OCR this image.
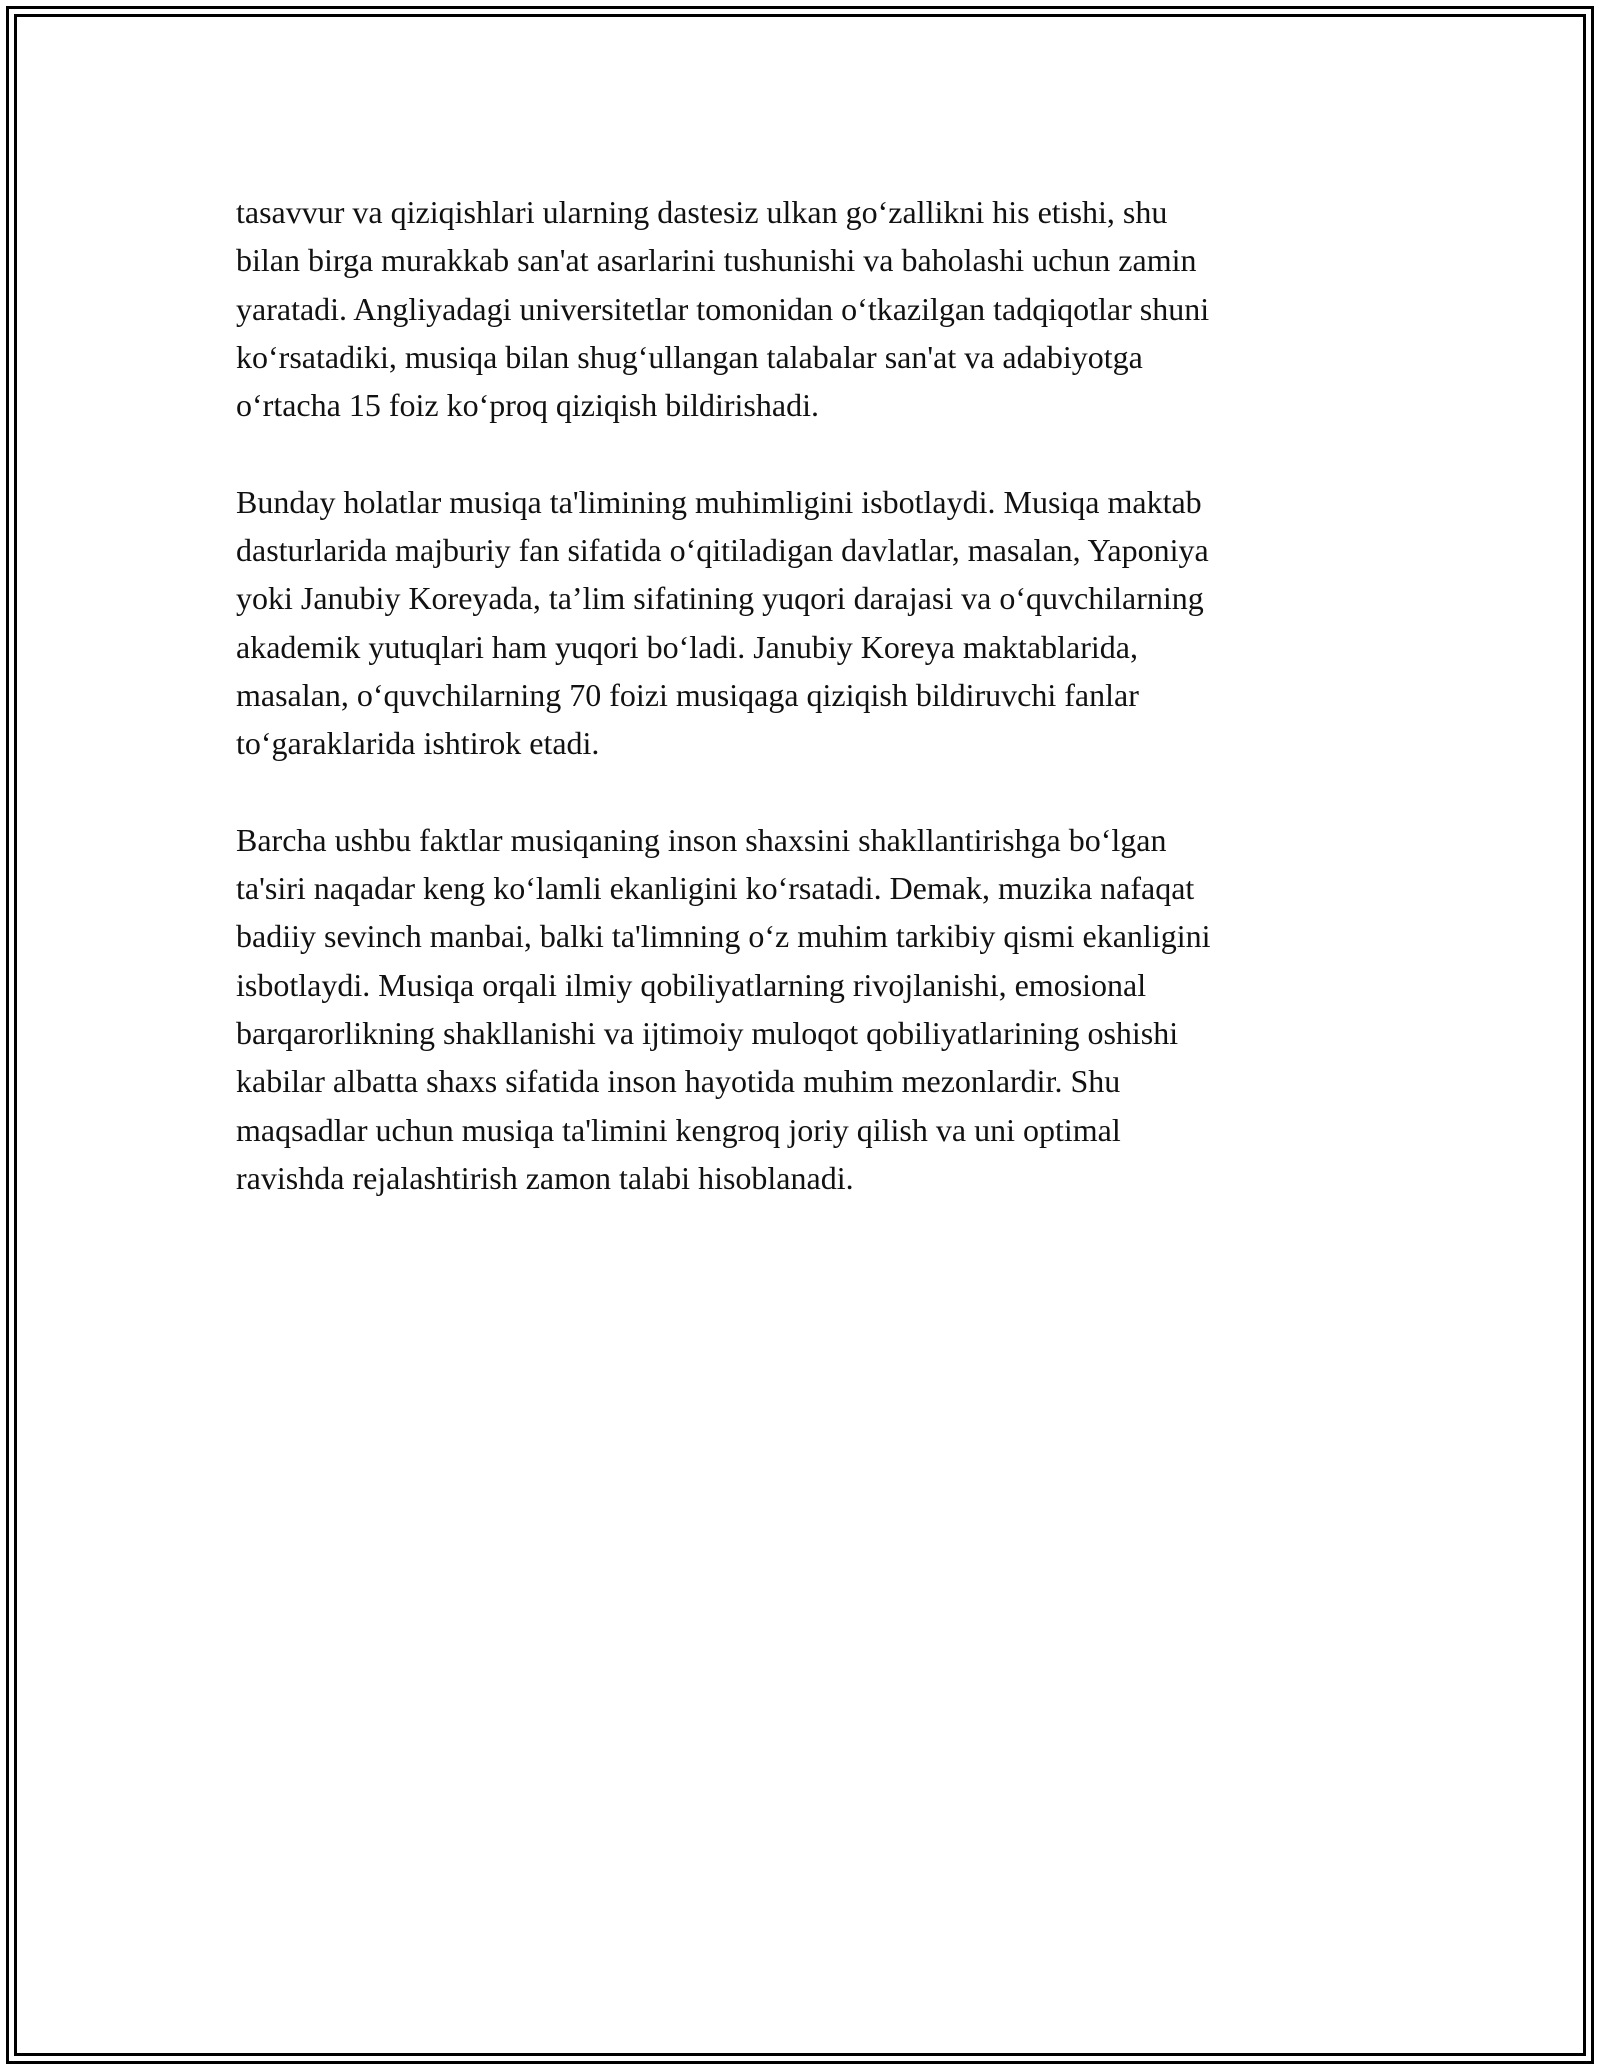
tasavvur va qiziqishlari ularning dastesiz ulkan go‘zallikni his etishi, shu
bilan birga murakkab san'at asarlarini tushunishi va baholashi uchun zamin
yaratadi. Angliyadagi universitetlar tomonidan o‘tkazilgan tadqiqotlar shuni
ko‘rsatadiki, musiqa bilan shug‘ullangan talabalar san'at va adabiyotga
o‘rtacha 15 foiz ko‘proq qiziqish bildirishadi.

Bunday holatlar musiqa ta'limining muhimligini isbotlaydi. Musiqa maktab
dasturlarida majburiy fan sifatida o‘qitiladigan davlatlar, masalan, Yaponiya
yoki Janubiy Koreyada, ta’lim sifatining yuqori darajasi va o‘quvchilarning
akademik yutuqlari ham yuqori bo‘ladi. Janubiy Koreya maktablarida,
masalan, o‘quvchilarning 70 foizi musiqaga qiziqish bildiruvchi fanlar
to‘garaklarida ishtirok etadi.

Barcha ushbu faktlar musiqaning inson shaxsini shakllantirishga bo‘lgan
ta'siri naqadar keng ko‘lamli ekanligini ko‘rsatadi. Demak, muzika nafaqat
badiiy sevinch manbai, balki ta'limning o‘z muhim tarkibiy qismi ekanligini
isbotlaydi. Musiqa orqali ilmiy qobiliyatlarning rivojlanishi, emosional
barqarorlikning shakllanishi va ijtimoiy muloqot qobiliyatlarining oshishi
kabilar albatta shaxs sifatida inson hayotida muhim mezonlardir. Shu
maqsadlar uchun musiqa ta'limini kengroq joriy qilish va uni optimal
ravishda rejalashtirish zamon talabi hisoblanadi.
